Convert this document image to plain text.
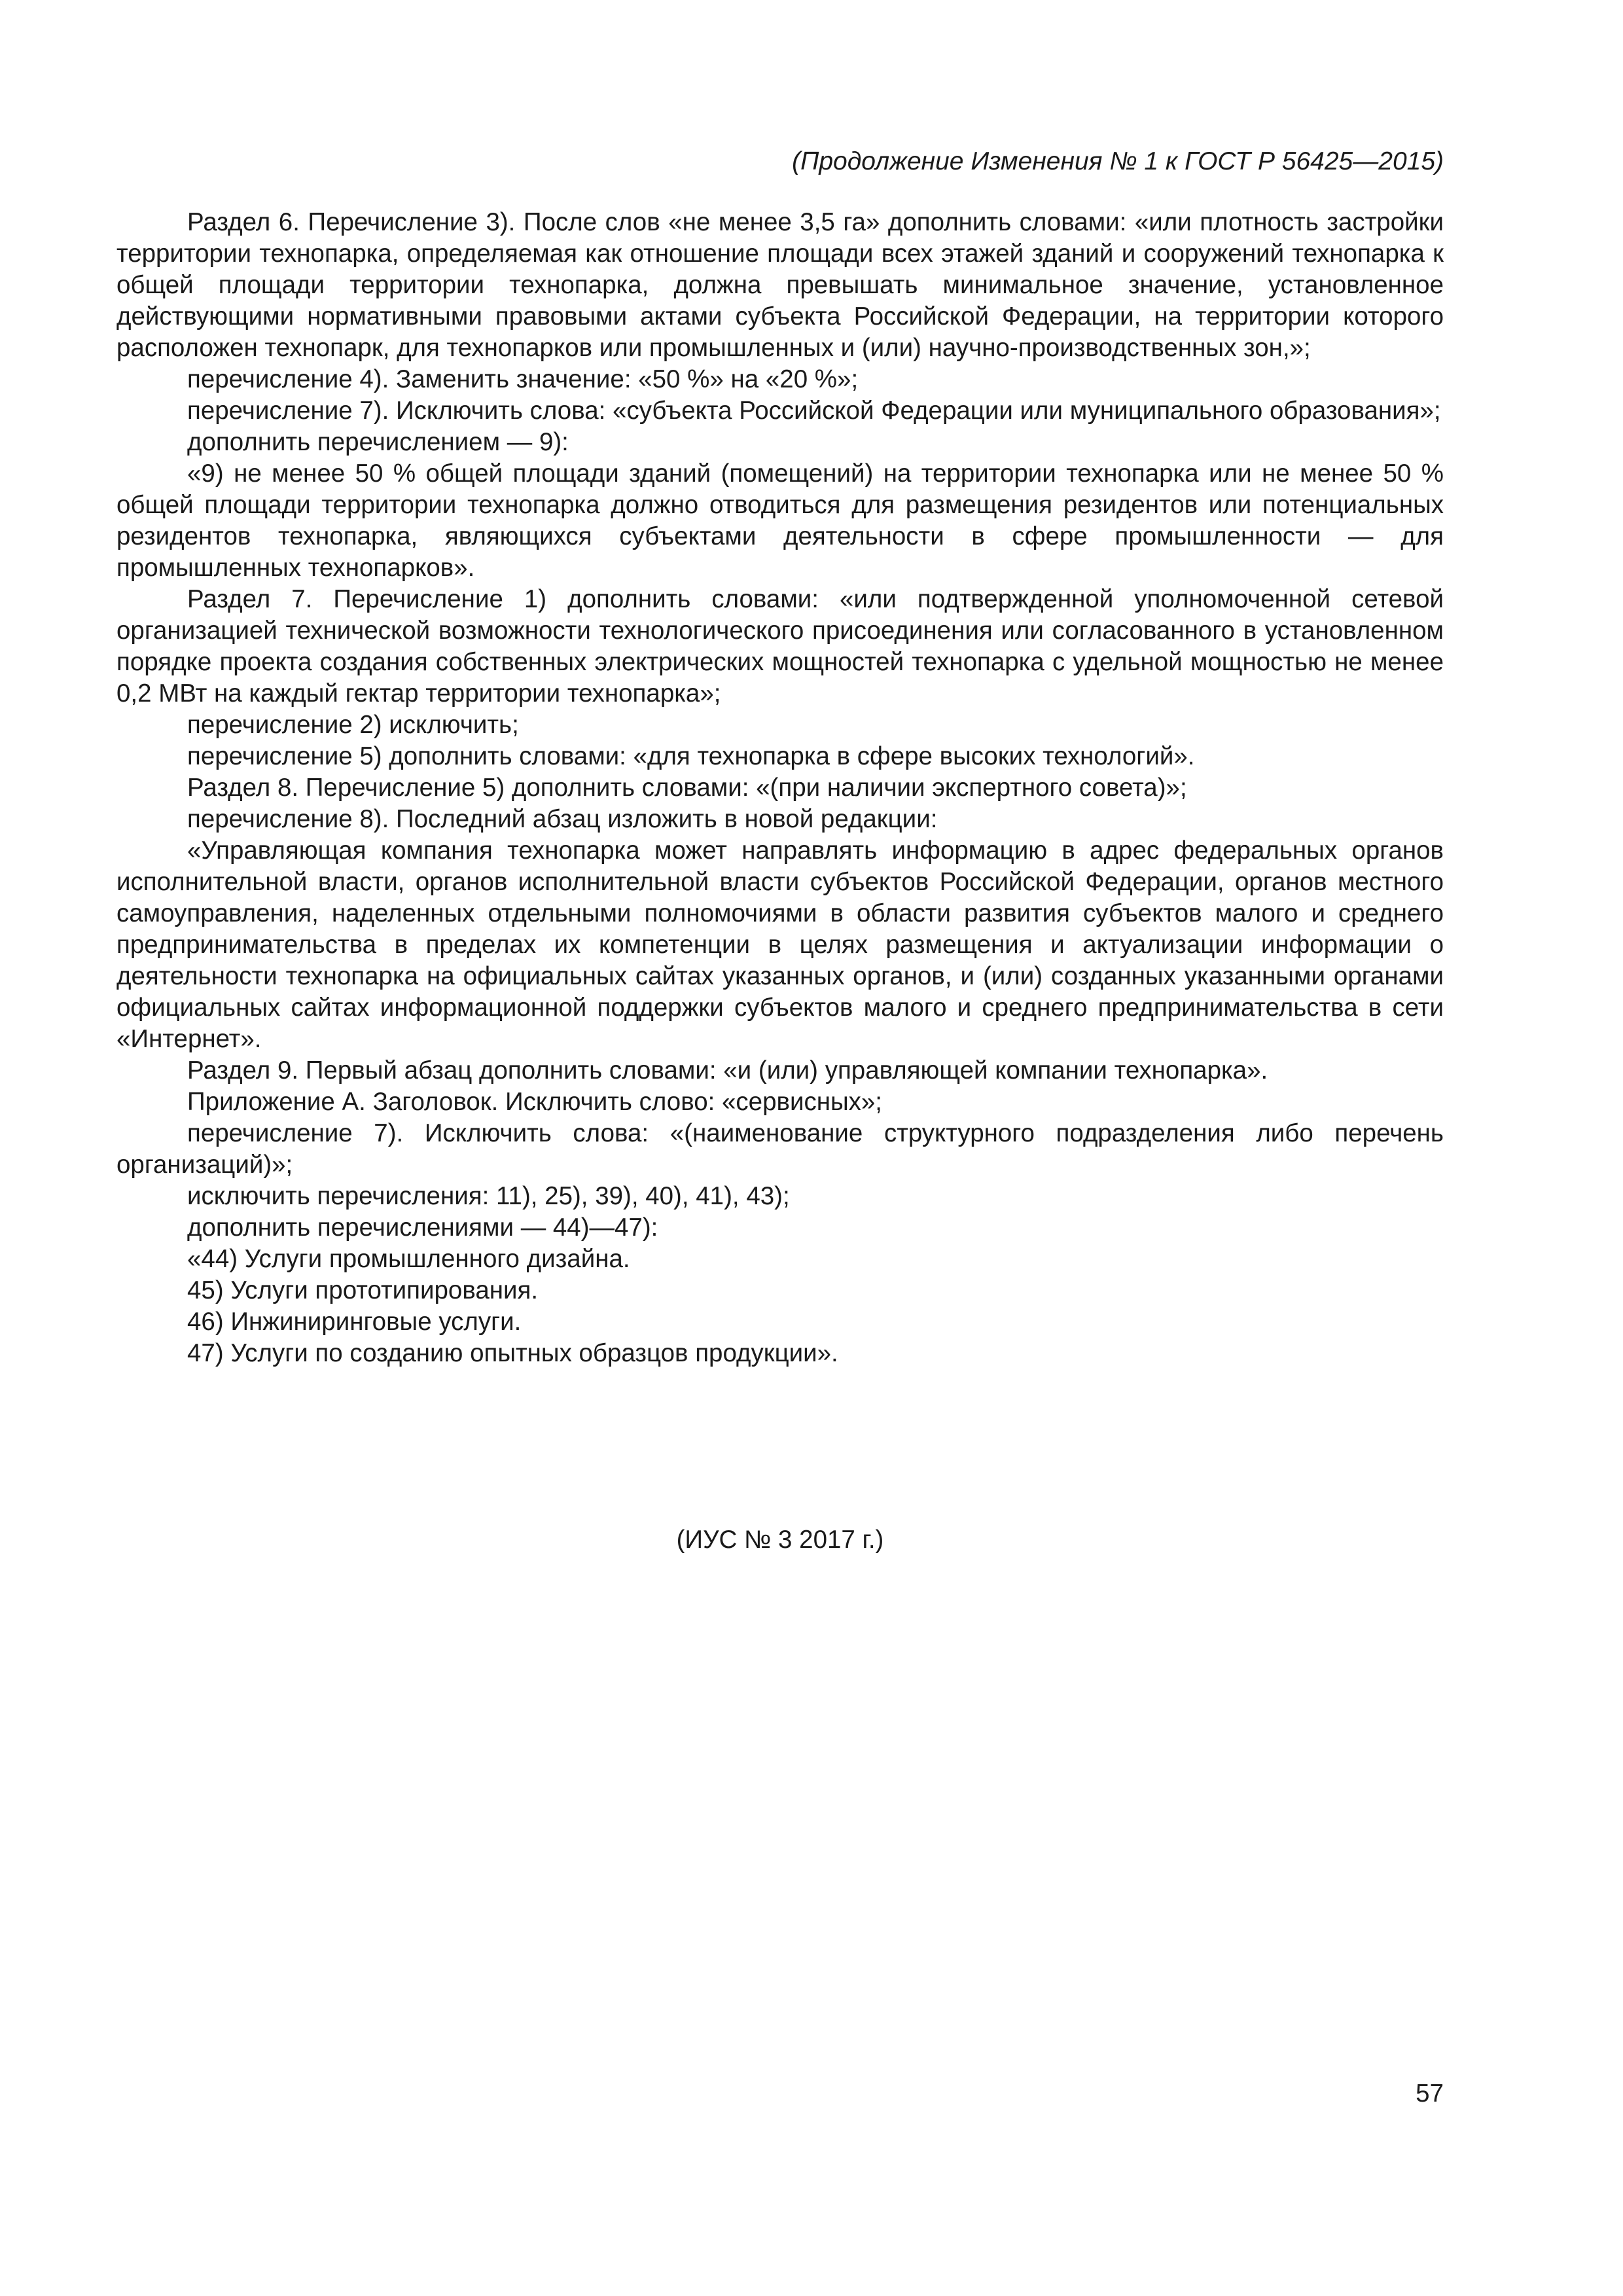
(Продолжение Изменения № 1 к ГОСТ Р 56425—2015)

Раздел 6. Перечисление 3). После слов «не менее 3,5 га» дополнить словами: «или плотность застройки территории технопарка, определяемая как отношение площади всех этажей зданий и сооружений технопарка к общей площади территории технопарка, должна превышать минимальное значение, установленное действующими нормативными правовыми актами субъекта Российской Федерации, на территории которого расположен технопарк, для технопарков или промышленных и (или) научно-производственных зон,»;

перечисление 4). Заменить значение: «50 %» на «20 %»;

перечисление 7). Исключить слова: «субъекта Российской Федерации или муниципального образования»;

дополнить перечислением — 9):

«9) не менее 50 % общей площади зданий (помещений) на территории технопарка или не менее 50 % общей площади территории технопарка должно отводиться для размещения резидентов или потенциальных резидентов технопарка, являющихся субъектами деятельности в сфере промышленности — для промышленных технопарков».

Раздел 7. Перечисление 1) дополнить словами: «или подтвержденной уполномоченной сетевой организацией технической возможности технологического присоединения или согласованного в установленном порядке проекта создания собственных электрических мощностей технопарка с удельной мощностью не менее 0,2 МВт на каждый гектар территории технопарка»;

перечисление 2) исключить;

перечисление 5) дополнить словами: «для технопарка в сфере высоких технологий».

Раздел 8. Перечисление 5) дополнить словами: «(при наличии экспертного совета)»;

перечисление 8). Последний абзац изложить в новой редакции:

«Управляющая компания технопарка может направлять информацию в адрес федеральных органов исполнительной власти, органов исполнительной власти субъектов Российской Федерации, органов местного самоуправления, наделенных отдельными полномочиями в области развития субъектов малого и среднего предпринимательства в пределах их компетенции в целях размещения и актуализации информации о деятельности технопарка на официальных сайтах указанных органов, и (или) созданных указанными органами официальных сайтах информационной поддержки субъектов малого и среднего предпринимательства в сети «Интернет».

Раздел 9. Первый абзац дополнить словами: «и (или) управляющей компании технопарка».

Приложение А. Заголовок. Исключить слово: «сервисных»;

перечисление 7). Исключить слова: «(наименование структурного подразделения либо перечень организаций)»;

исключить перечисления: 11), 25), 39), 40), 41), 43);

дополнить перечислениями — 44)—47):

«44) Услуги промышленного дизайна.

45) Услуги прототипирования.

46) Инжиниринговые услуги.

47) Услуги по созданию опытных образцов продукции».

(ИУС № 3 2017 г.)
57
